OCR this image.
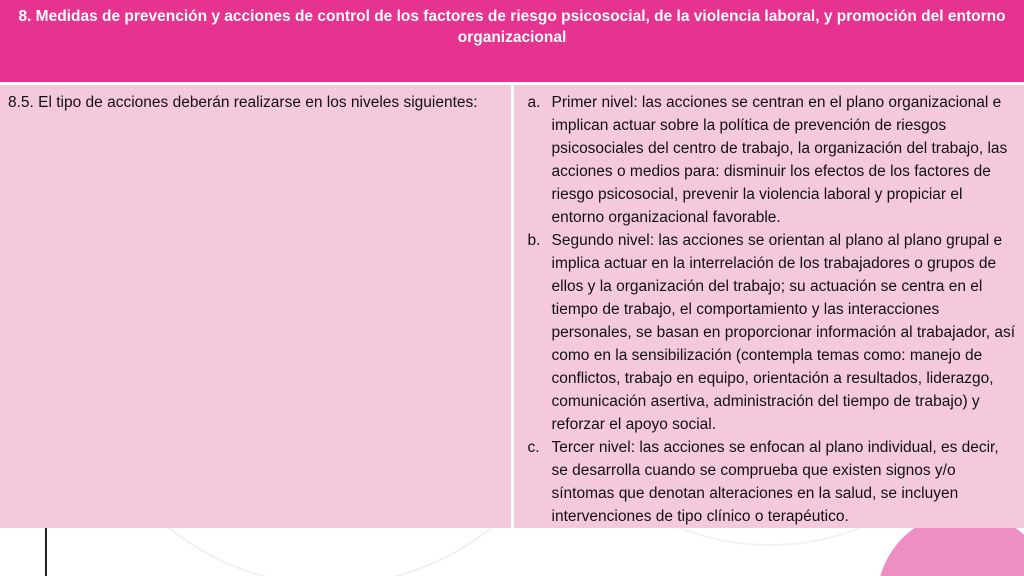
8. Medidas de prevención y acciones de control de los factores de riesgo psicosocial, de la violencia laboral, y promoción del entorno organizacional

8.5. El tipo de acciones deberán realizarse en los niveles siguientes:	a. Primer nivel: las acciones se centran en el plano organizacional e implican actuar sobre la política de prevención de riesgos psicosociales del centro de trabajo, la organización del trabajo, las acciones o medios para: disminuir los efectos de los factores de riesgo psicosocial, prevenir la violencia laboral y propiciar el entorno organizacional favorable.
b. Segundo nivel: las acciones se orientan al plano al plano grupal e implica actuar en la interrelación de los trabajadores o grupos de ellos y la organización del trabajo; su actuación se centra en el tiempo de trabajo, el comportamiento y las interacciones personales, se basan en proporcionar información al trabajador, así como en la sensibilización (contempla temas como: manejo de conflictos, trabajo en equipo, orientación a resultados, liderazgo, comunicación asertiva, administración del tiempo de trabajo) y reforzar el apoyo social.
c. Tercer nivel: las acciones se enfocan al plano individual, es decir, se desarrolla cuando se comprueba que existen signos y/o síntomas que denotan alteraciones en la salud, se incluyen intervenciones de tipo clínico o terapéutico.
